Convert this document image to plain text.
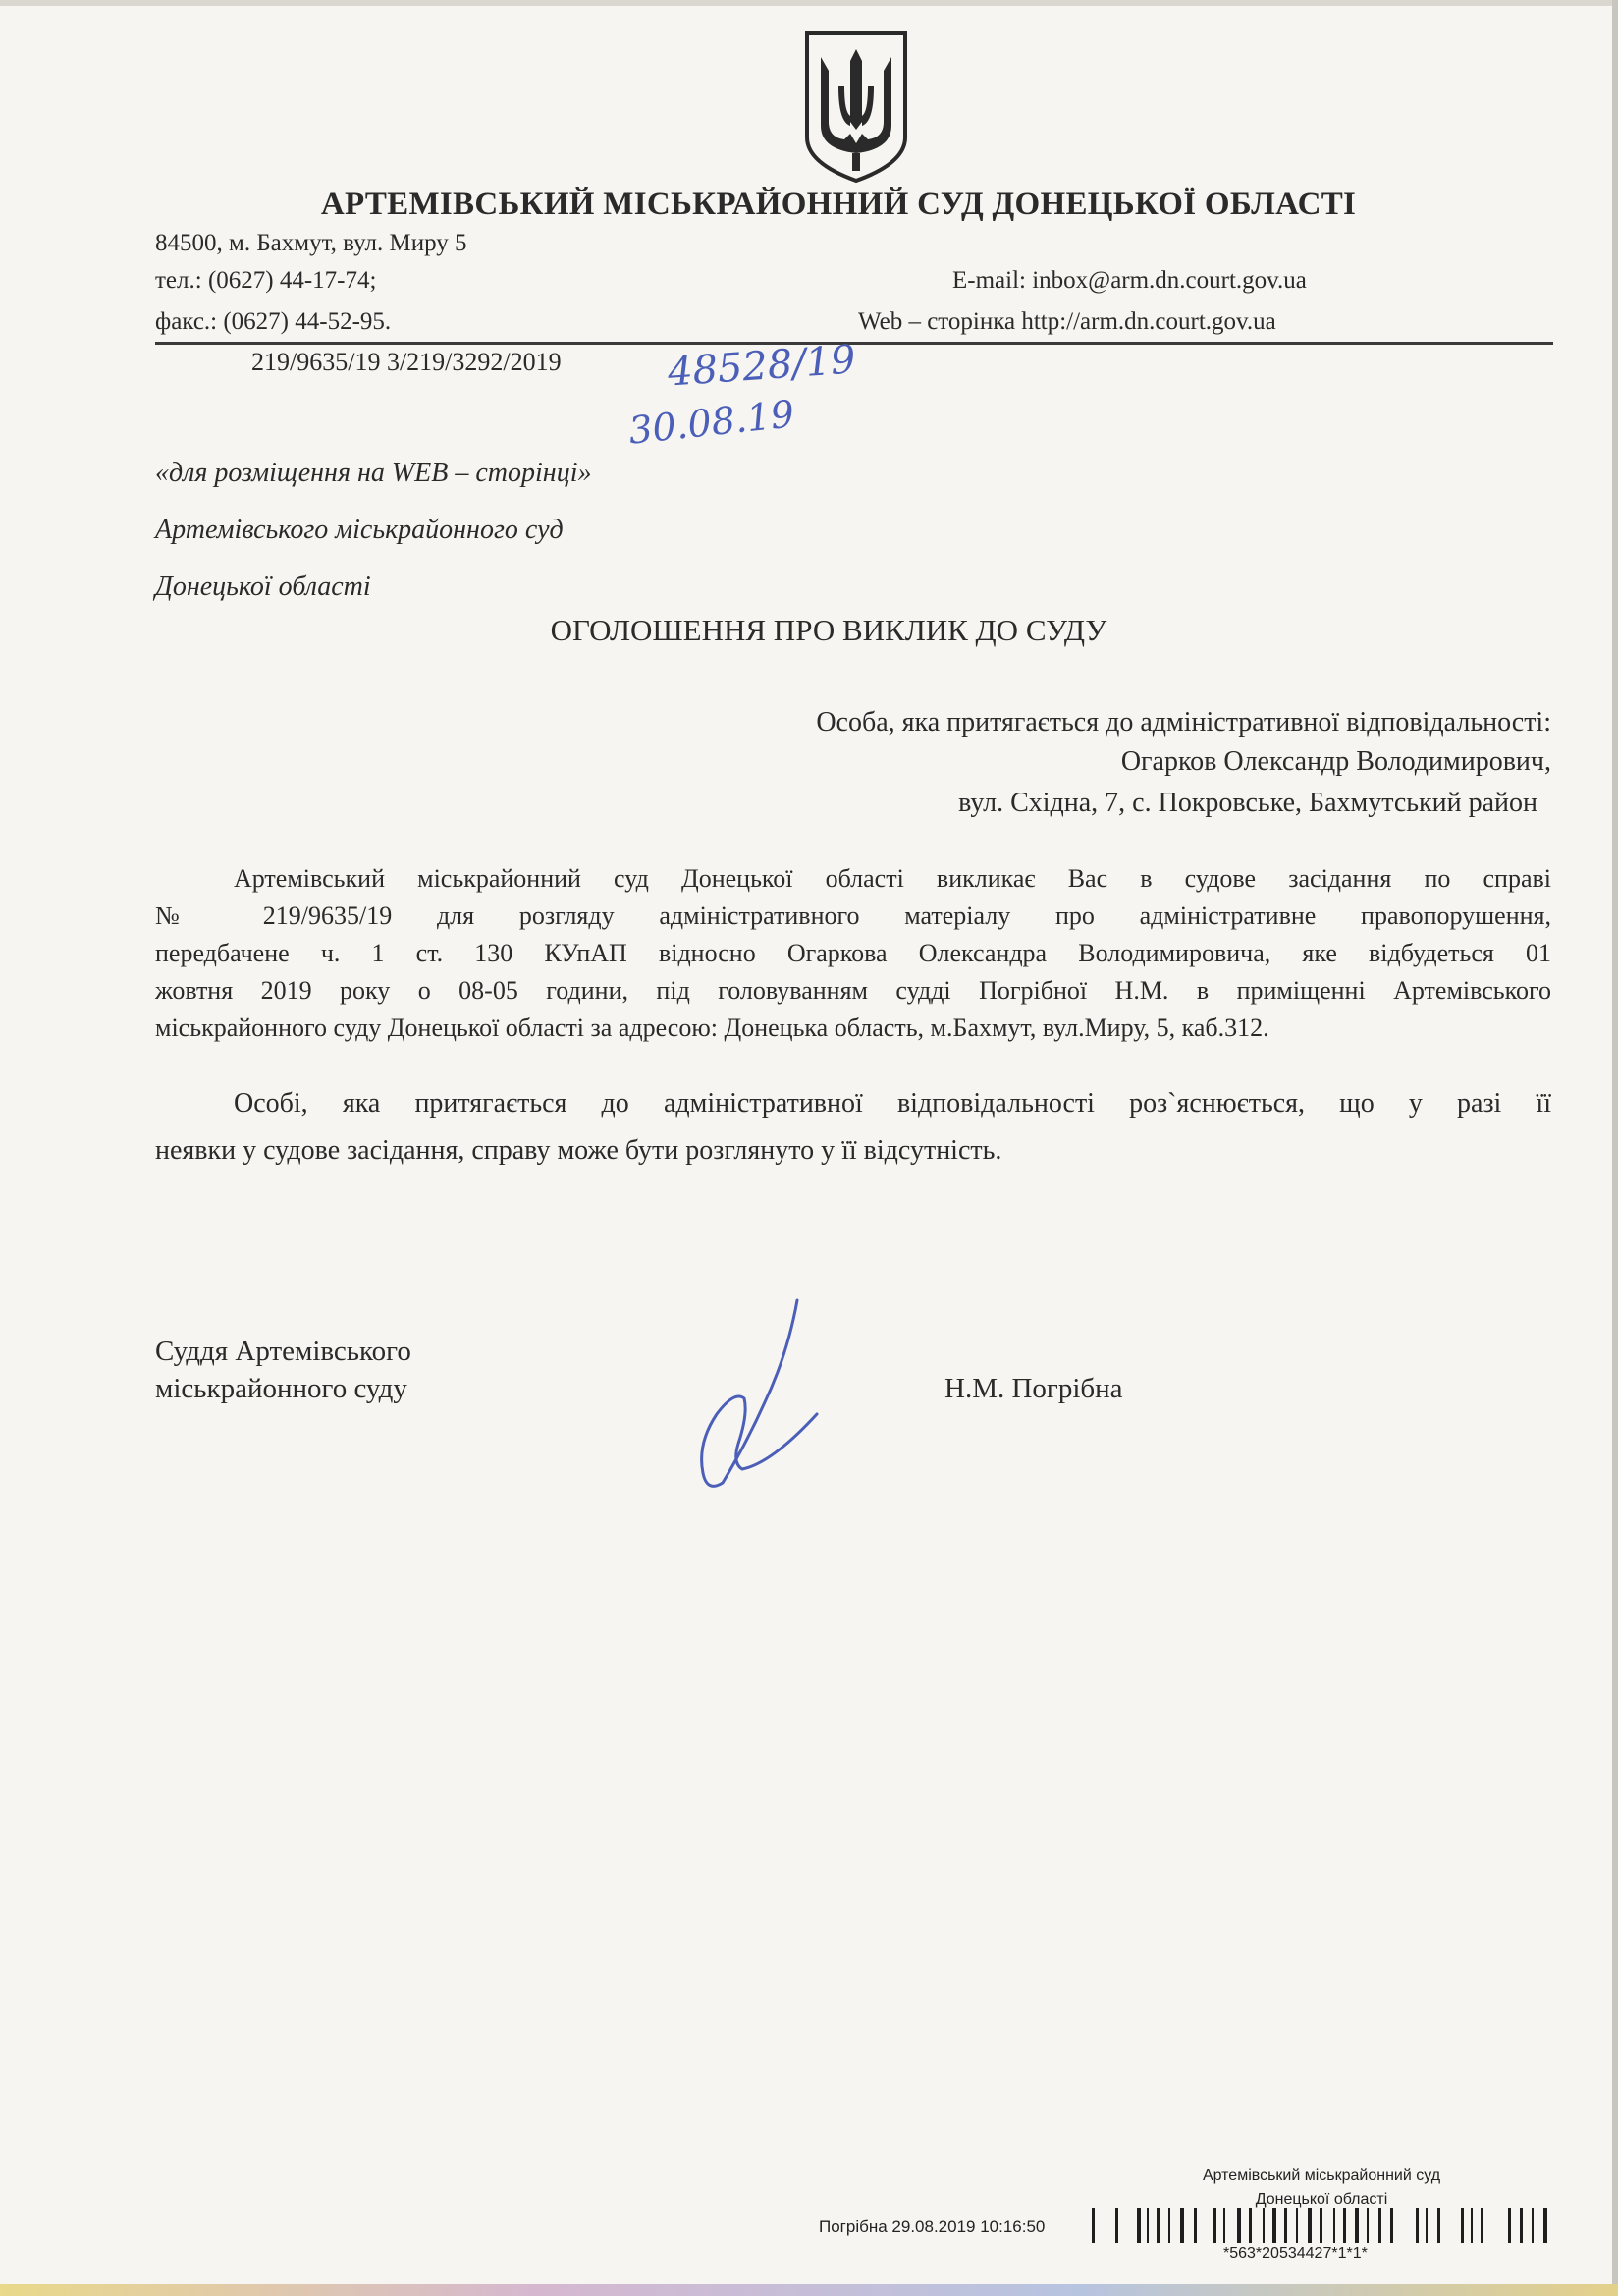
АРТЕМІВСЬКИЙ МІСЬКРАЙОННИЙ СУД ДОНЕЦЬКОЇ ОБЛАСТІ
84500, м. Бахмут, вул. Миру 5
тел.: (0627) 44-17-74;	E-mail: inbox@arm.dn.court.gov.ua
факс.: (0627) 44-52-95.	Web – сторінка http://arm.dn.court.gov.ua
219/9635/19 3/219/3292/2019	48528/19
30.08.19
«для розміщення на WEB – сторінці»
Артемівського міськрайонного суд
Донецької області
ОГОЛОШЕННЯ ПРО ВИКЛИК ДО СУДУ
Особа, яка притягається до адміністративної відповідальності:
Огарков Олександр Володимирович,
вул. Східна, 7, с. Покровське, Бахмутський район
Артемівський міськрайонний суд Донецької області викликає Вас в судове засідання по справі
№ 219/9635/19 для розгляду адміністративного матеріалу про адміністративне правопорушення,
передбачене ч. 1 ст. 130 КУпАП відносно Огаркова Олександра Володимировича, яке відбудеться 01
жовтня 2019 року о 08-05 години, під головуванням судді Погрібної Н.М. в приміщенні Артемівського
міськрайонного суду Донецької області за адресою: Донецька область, м.Бахмут, вул.Миру, 5, каб.312.
Особі, яка притягається до адміністративної відповідальності роз`яснюється, що у разі її
неявки у судове засідання, справу може бути розглянуто у її відсутність.
Суддя Артемівського
міськрайонного суду	Н.М. Погрібна
Артемівський міськрайонний суд
Донецької області
Погрібна 29.08.2019 10:16:50
*563*20534427*1*1*
